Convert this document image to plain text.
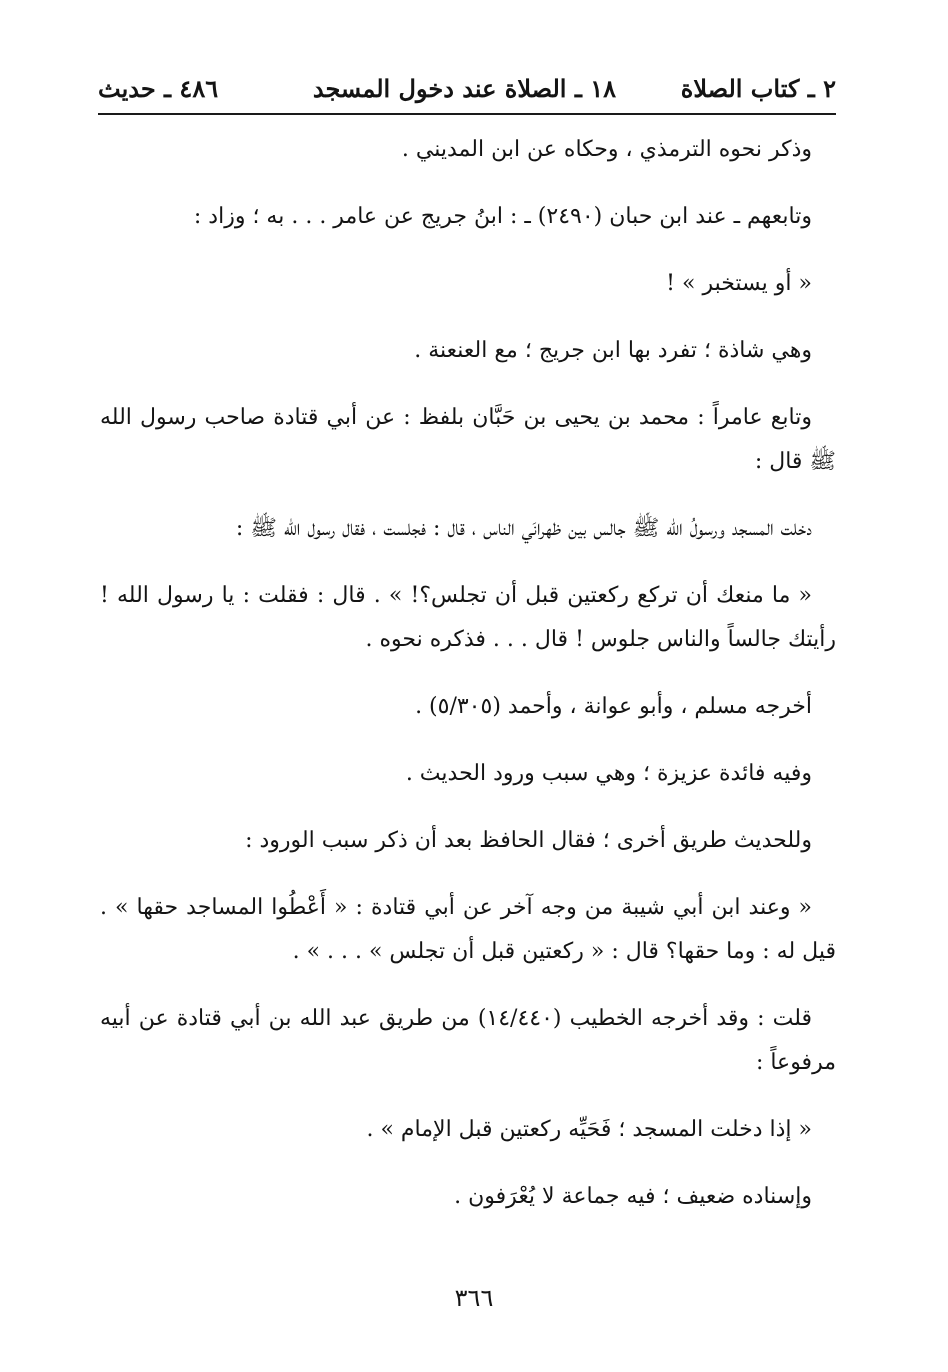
٢ ـ كتاب الصلاة
١٨ ـ الصلاة عند دخول المسجد
٤٨٦ ـ حديث

وذكر نحوه الترمذي ، وحكاه عن ابن المديني .

وتابعهم ـ عند ابن حبان (٢٤٩٠) ـ : ابنُ جريج عن عامر . . . به ؛ وزاد :

« أو يستخبر » !

وهي شاذة ؛ تفرد بها ابن جريج ؛ مع العنعنة .

وتابع عامراً : محمد بن يحيى بن حَبَّان بلفظ : عن أبي قتادة صاحب رسول الله ﷺ قال :

دخلت المسجد ورسولُ الله ﷺ جالس بين ظهرانَي الناس ، قال : فجلست ، فقال رسول الله ﷺ :

« ما منعك أن تركع ركعتين قبل أن تجلس؟! » . قال : فقلت : يا رسول الله ! رأيتك جالساً والناس جلوس ! قال . . . فذكره نحوه .

أخرجه مسلم ، وأبو عوانة ، وأحمد (٥/٣٠٥) .

وفيه فائدة عزيزة ؛ وهي سبب ورود الحديث .

وللحديث طريق أخرى ؛ فقال الحافظ بعد أن ذكر سبب الورود :

« وعند ابن أبي شيبة من وجه آخر عن أبي قتادة : « أَعْطُوا المساجد حقها » . قيل له : وما حقها؟ قال : « ركعتين قبل أن تجلس » . . . » .

قلت : وقد أخرجه الخطيب (١٤/٤٤٠) من طريق عبد الله بن أبي قتادة عن أبيه مرفوعاً :

« إذا دخلت المسجد ؛ فَحَيِّه ركعتين قبل الإمام » .

وإسناده ضعيف ؛ فيه جماعة لا يُعْرَفون .

٣٦٦
